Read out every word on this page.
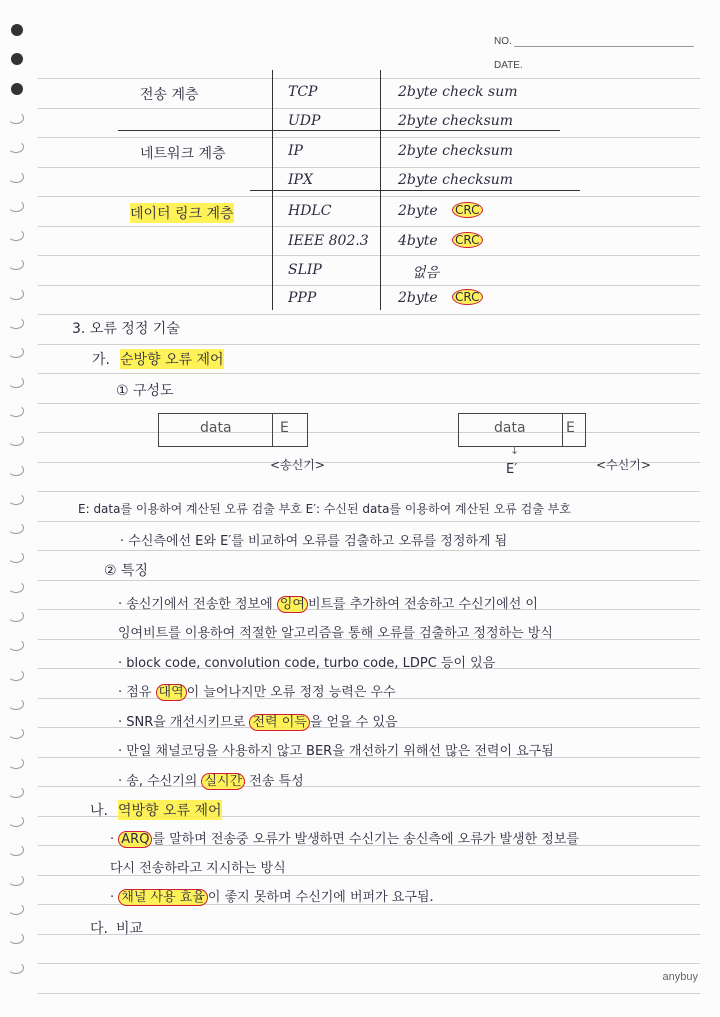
NO.
DATE.
전송 계층	TCP	2byte check sum
UDP	2byte checksum
네트워크 계층	IP	2byte checksum
IPX	2byte checksum
데이터 링크 계층	HDLC	2byte CRC
IEEE 802.3 4byte CRC
SLIP	없음
PPP	2byte CRC
3. 오류 정정 기술
가. 순방향 오류 제어
① 구성도
data	E
<송신기>
data	E
↓
E′	<수신기>
E: data를 이용하여 계산된 오류 검출 부호 E′: 수신된 data를 이용하여 계산된 오류 검출 부호
· 수신측에선 E와 E′를 비교하여 오류를 검출하고 오류를 정정하게 됨
② 특징
· 송신기에서 전송한 정보에 잉여 비트를 추가하여 전송하고 수신기에선 이
잉여비트를 이용하여 적절한 알고리즘을 통해 오류를 검출하고 정정하는 방식
· block code, convolution code, turbo code, LDPC 등이 있음
· 점유 대역 이 늘어나지만 오류 정정 능력은 우수
· SNR을 개선시키므로 전력 이득 을 얻을 수 있음
· 만일 채널코딩을 사용하지 않고 BER을 개선하기 위해선 많은 전력이 요구됨
· 송, 수신기의 실시간 전송 특성
나. 역방향 오류 제어
· ARQ 를 말하며 전송중 오류가 발생하면 수신기는 송신측에 오류가 발생한 정보를
다시 전송하라고 지시하는 방식
· 채널 사용 효율 이 좋지 못하며 수신기에 버퍼가 요구됨.
다. 비교
anybuy
